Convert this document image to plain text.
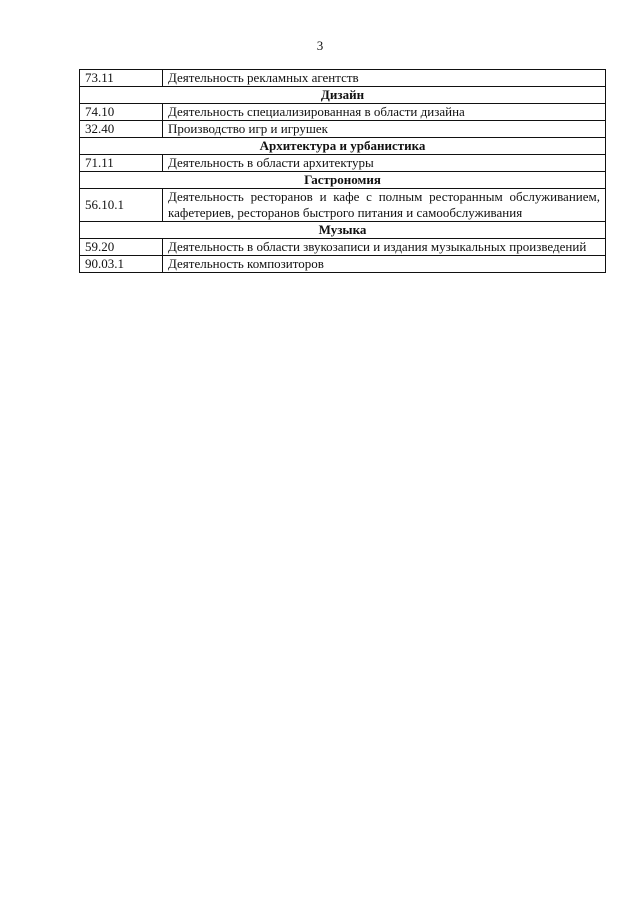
3
73.11	Деятельность рекламных агентств
Дизайн	
74.10	Деятельность специализированная в области дизайна
32.40	Производство игр и игрушек
Архитектура и урбанистика	
71.11	Деятельность в области архитектуры
Гастрономия	
56.10.1	Деятельность ресторанов и кафе с полным ресторанным обслуживанием, кафетериев, ресторанов быстрого питания и самообслуживания
Музыка	
59.20	Деятельность в области звукозаписи и издания музыкальных произведений
90.03.1	Деятельность композиторов
